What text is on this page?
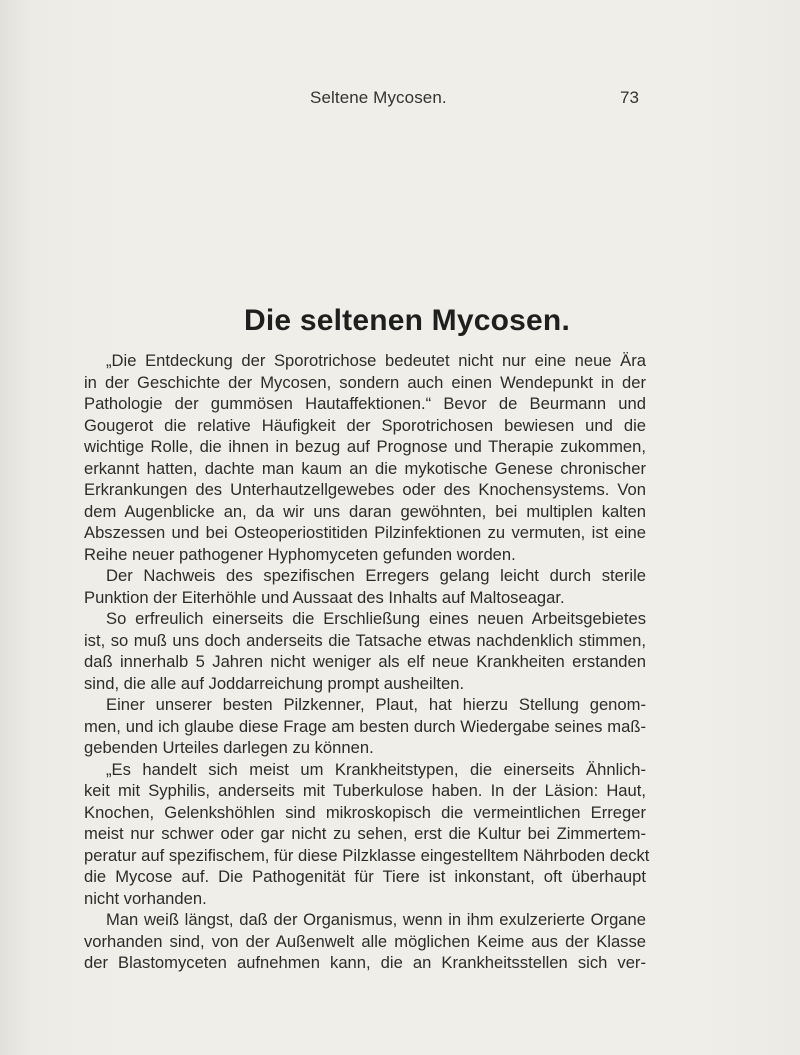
Seltene Mycosen.	73
Die seltenen Mycosen.
„Die Entdeckung der Sporotrichose bedeutet nicht nur eine neue Ära
in der Geschichte der Mycosen, sondern auch einen Wendepunkt in der
Pathologie der gummösen Hautaffektionen.“ Bevor de Beurmann und
Gougerot die relative Häufigkeit der Sporotrichosen bewiesen und die
wichtige Rolle, die ihnen in bezug auf Prognose und Therapie zukommen,
erkannt hatten, dachte man kaum an die mykotische Genese chronischer
Erkrankungen des Unterhautzellgewebes oder des Knochensystems. Von
dem Augenblicke an, da wir uns daran gewöhnten, bei multiplen kalten
Abszessen und bei Osteoperiostitiden Pilzinfektionen zu vermuten, ist eine
Reihe neuer pathogener Hyphomyceten gefunden worden.
Der Nachweis des spezifischen Erregers gelang leicht durch sterile
Punktion der Eiterhöhle und Aussaat des Inhalts auf Maltoseagar.
So erfreulich einerseits die Erschließung eines neuen Arbeitsgebietes
ist, so muß uns doch anderseits die Tatsache etwas nachdenklich stimmen,
daß innerhalb 5 Jahren nicht weniger als elf neue Krankheiten erstanden
sind, die alle auf Joddarreichung prompt ausheilten.
Einer unserer besten Pilzkenner, Plaut, hat hierzu Stellung genom-
men, und ich glaube diese Frage am besten durch Wiedergabe seines maß-
gebenden Urteiles darlegen zu können.
„Es handelt sich meist um Krankheitstypen, die einerseits Ähnlich-
keit mit Syphilis, anderseits mit Tuberkulose haben. In der Läsion: Haut,
Knochen, Gelenkshöhlen sind mikroskopisch die vermeintlichen Erreger
meist nur schwer oder gar nicht zu sehen, erst die Kultur bei Zimmertem-
peratur auf spezifischem, für diese Pilzklasse eingestelltem Nährboden deckt
die Mycose auf. Die Pathogenität für Tiere ist inkonstant, oft überhaupt
nicht vorhanden.
Man weiß längst, daß der Organismus, wenn in ihm exulzerierte Organe
vorhanden sind, von der Außenwelt alle möglichen Keime aus der Klasse
der Blastomyceten aufnehmen kann, die an Krankheitsstellen sich ver-
